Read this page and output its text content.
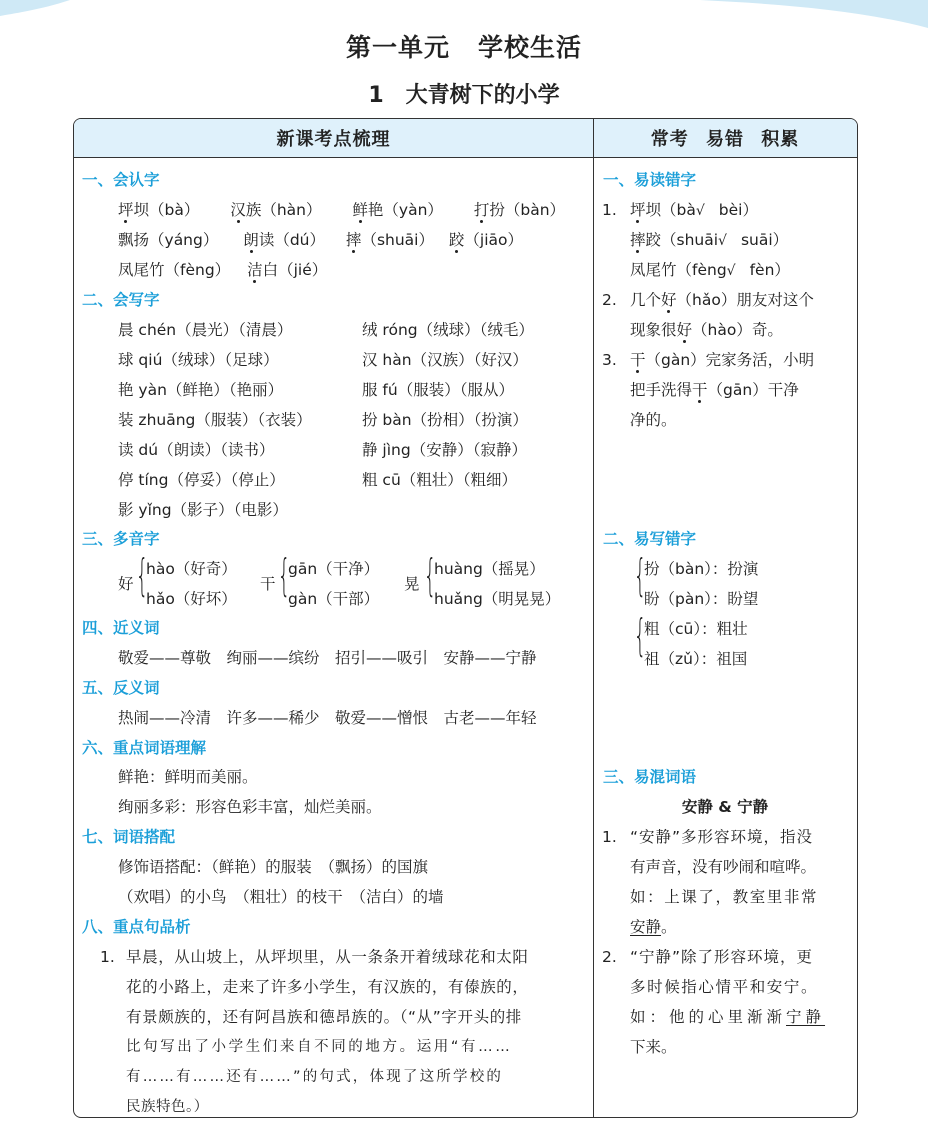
第一单元 学校生活
1 大青树下的小学
新课考点梳理	常考 易错 积累
一、会认字
坪坝（bà） 汉族（hàn） 鲜艳（yàn） 打扮（bàn）
飘扬（yáng） 朗读（dú） 摔（shuāi） 跤（jiāo）
凤尾竹（fèng） 洁白（jié）
二、会写字
晨 chén（晨光）（清晨）	绒 róng（绒球）（绒毛）
球 qiú（绒球）（足球）	汉 hàn（汉族）（好汉）
艳 yàn（鲜艳）（艳丽）	服 fú（服装）（服从）
装 zhuāng（服装）（衣装）	扮 bàn（扮相）（扮演）
读 dú（朗读）（读书）	静 jìng（安静）（寂静）
停 tíng（停妥）（停止）	粗 cū（粗壮）（粗细）
影 yǐng（影子）（电影）
三、多音字
好 {
hào（好奇）
hǎo（好坏）
干 {
gān（干净）
gàn（干部）
晃 {
huàng（摇晃）
huǎng（明晃晃）
四、近义词
敬爱——尊敬　绚丽——缤纷　招引——吸引　安静——宁静
五、反义词
热闹——冷清　许多——稀少　敬爱——憎恨　古老——年轻
六、重点词语理解
鲜艳：鲜明而美丽。
绚丽多彩：形容色彩丰富，灿烂美丽。
七、词语搭配
修饰语搭配：（鲜艳）的服装　（飘扬）的国旗
（欢唱）的小鸟　（粗壮）的枝干　（洁白）的墙
八、重点句品析
1. 早晨，从山坡上，从坪坝里，从一条条开着绒球花和太阳
花的小路上，走来了许多小学生，有汉族的，有傣族的，
有景颇族的，还有阿昌族和德昂族的。（“从”字开头的排
比句写出了小学生们来自不同的地方。运用“有……
有……有……还有……”的句式，体现了这所学校的
民族特色。）
一、易读错字
1. 坪坝（bà√ bèi）
摔跤（shuāi√ suāi）
凤尾竹（fèng√ fèn）
2. 几个好（hǎo）朋友对这个
现象很好（hào）奇。
3. 干（gàn）完家务活，小明
把手洗得干（gān）干净
净的。
二、易写错字
{
扮（bàn）：扮演
盼（pàn）：盼望
{
粗（cū）：粗壮
祖（zǔ）：祖国
三、易混词语
安静 & 宁静
1. “安静”多形容环境，指没
有声音，没有吵闹和喧哗。
如：上课了，教室里非常
安静。
2. “宁静”除了形容环境，更
多时候指心情平和安宁。
如：他的心里渐渐宁静
下来。
